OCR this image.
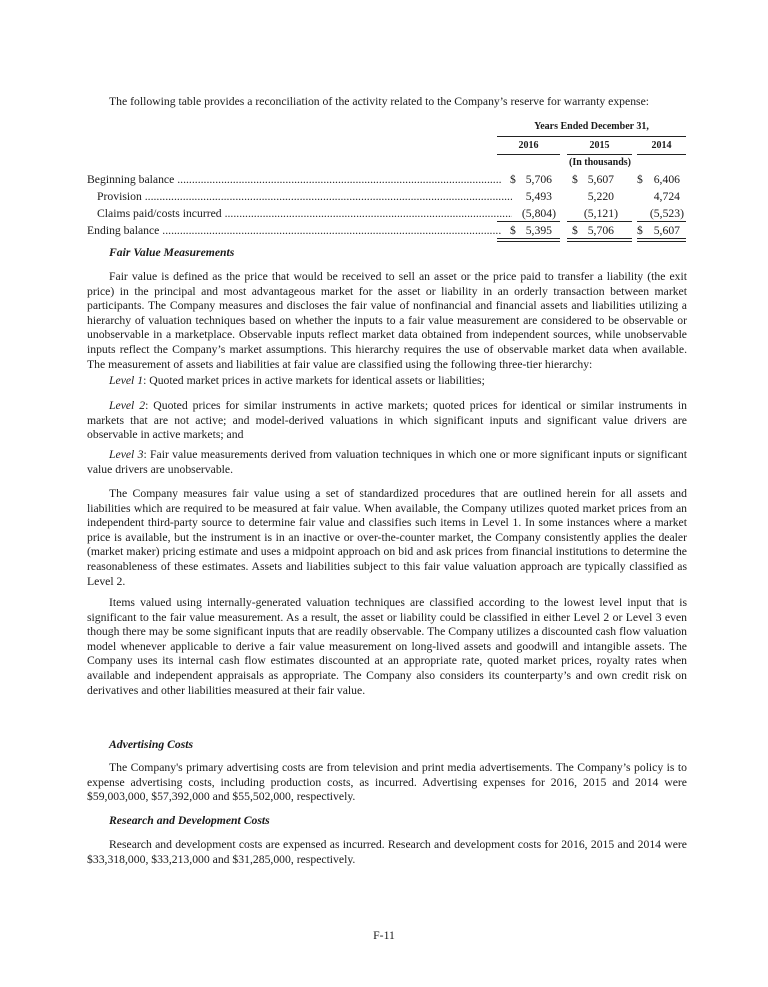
The following table provides a reconciliation of the activity related to the Company’s reserve for warranty expense:
Years Ended December 31,
2016	2015	2014
(In thousands)
Beginning balance .....	$ 5,706 $ 5,607 $ 6,406
Provision .....	5,493	5,220	4,724
Claims paid/costs incurred .....	(5,804)	(5,121)	(5,523)
Ending balance .....	$ 5,395 $ 5,706 $ 5,607
Fair Value Measurements
Fair value is defined as the price that would be received to sell an asset or the price paid to transfer a liability (the exit price) in the principal and most advantageous market for the asset or liability in an orderly transaction between market participants. The Company measures and discloses the fair value of nonfinancial and financial assets and liabilities utilizing a hierarchy of valuation techniques based on whether the inputs to a fair value measurement are considered to be observable or unobservable in a marketplace. Observable inputs reflect market data obtained from independent sources, while unobservable inputs reflect the Company’s market assumptions. This hierarchy requires the use of observable market data when available. The measurement of assets and liabilities at fair value are classified using the following three-tier hierarchy:
Level 1: Quoted market prices in active markets for identical assets or liabilities;
Level 2: Quoted prices for similar instruments in active markets; quoted prices for identical or similar instruments in markets that are not active; and model-derived valuations in which significant inputs and significant value drivers are observable in active markets; and
Level 3: Fair value measurements derived from valuation techniques in which one or more significant inputs or significant value drivers are unobservable.
The Company measures fair value using a set of standardized procedures that are outlined herein for all assets and liabilities which are required to be measured at fair value. When available, the Company utilizes quoted market prices from an independent third-party source to determine fair value and classifies such items in Level 1. In some instances where a market price is available, but the instrument is in an inactive or over-the-counter market, the Company consistently applies the dealer (market maker) pricing estimate and uses a midpoint approach on bid and ask prices from financial institutions to determine the reasonableness of these estimates. Assets and liabilities subject to this fair value valuation approach are typically classified as Level 2.
Items valued using internally-generated valuation techniques are classified according to the lowest level input that is significant to the fair value measurement. As a result, the asset or liability could be classified in either Level 2 or Level 3 even though there may be some significant inputs that are readily observable. The Company utilizes a discounted cash flow valuation model whenever applicable to derive a fair value measurement on long-lived assets and goodwill and intangible assets. The Company uses its internal cash flow estimates discounted at an appropriate rate, quoted market prices, royalty rates when available and independent appraisals as appropriate. The Company also considers its counterparty’s and own credit risk on derivatives and other liabilities measured at their fair value.
Advertising Costs
The Company's primary advertising costs are from television and print media advertisements. The Company’s policy is to expense advertising costs, including production costs, as incurred. Advertising expenses for 2016, 2015 and 2014 were $59,003,000, $57,392,000 and $55,502,000, respectively.
Research and Development Costs
Research and development costs are expensed as incurred. Research and development costs for 2016, 2015 and 2014 were $33,318,000, $33,213,000 and $31,285,000, respectively.
F-11
